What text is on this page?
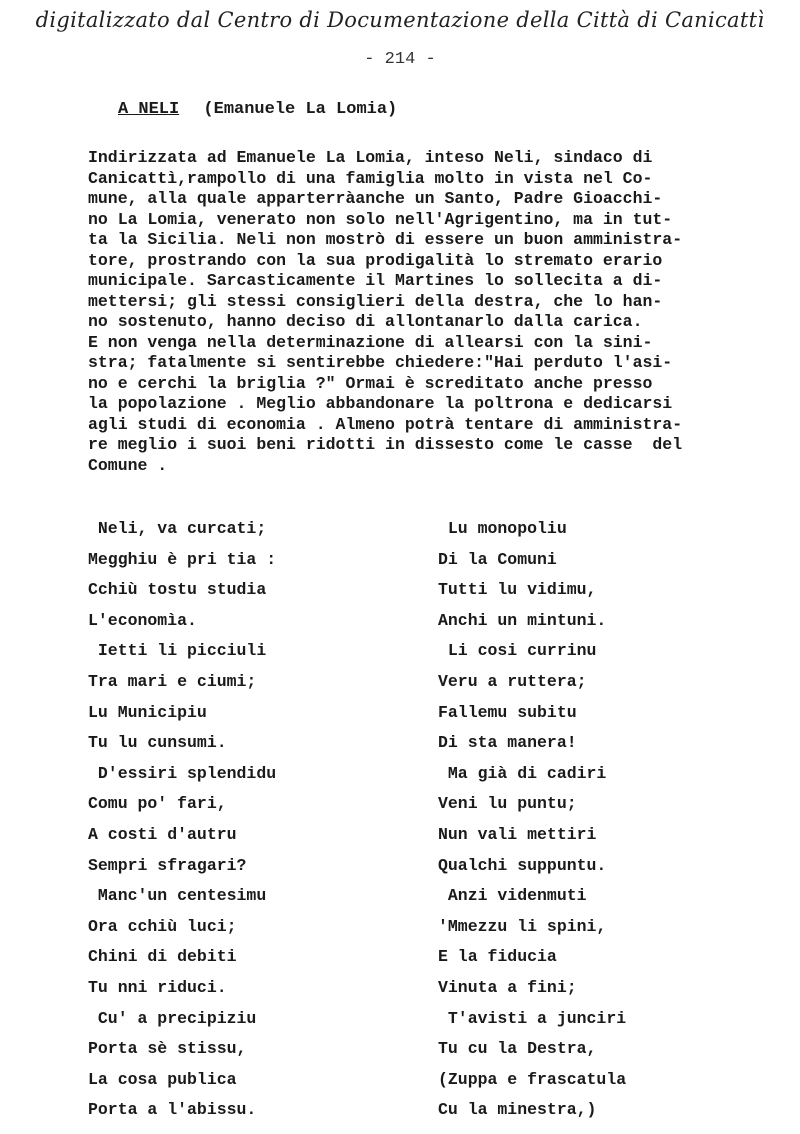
digitalizzato dal Centro di Documentazione della Città di Canicattì
- 214 -
A NELI (Emanuele La Lomia)
Indirizzata ad Emanuele La Lomia, inteso Neli, sindaco di
Canicattì,rampollo di una famiglia molto in vista nel Co-
mune, alla quale apparterràanche un Santo, Padre Gioacchi-
no La Lomia, venerato non solo nell'Agrigentino, ma in tut-
ta la Sicilia. Neli non mostrò di essere un buon amministra-
tore, prostrando con la sua prodigalità lo stremato erario
municipale. Sarcasticamente il Martines lo sollecita a di-
mettersi; gli stessi consiglieri della destra, che lo han-
no sostenuto, hanno deciso di allontanarlo dalla carica.
E non venga nella determinazione di allearsi con la sini-
stra; fatalmente si sentirebbe chiedere:"Hai perduto l'asi-
no e cerchi la briglia ?" Ormai è screditato anche presso
la popolazione . Meglio abbandonare la poltrona e dedicarsi
agli studi di economia . Almeno potrà tentare di amministra-
re meglio i suoi beni ridotti in dissesto come le casse  del
Comune .
Neli, va curcati;
Megghiu è pri tia :
Cchiù tostu studia
L'economìa.
Ietti li picciuli
Tra mari e ciumi;
Lu Municipiu
Tu lu cunsumi.
D'essiri splendidu
Comu po' fari,
A costi d'autru
Sempri sfragari?
Manc'un centesimu
Ora cchiù luci;
Chini di debiti
Tu nni riduci.
Cu' a precipiziu
Porta sè stissu,
La cosa publica
Porta a l'abissu.
Lu monopoliu
Di la Comuni
Tutti lu vidimu,
Anchi un mintuni.
Li cosi currinu
Veru a ruttera;
Fallemu subitu
Di sta manera!
Ma già di cadiri
Veni lu puntu;
Nun vali mettiri
Qualchi suppuntu.
Anzi videnmuti
'Mmezzu li spini,
E la fiducia
Vinuta a fini;
T'avisti a junciri
Tu cu la Destra,
(Zuppa e frascatula
Cu la minestra,)
